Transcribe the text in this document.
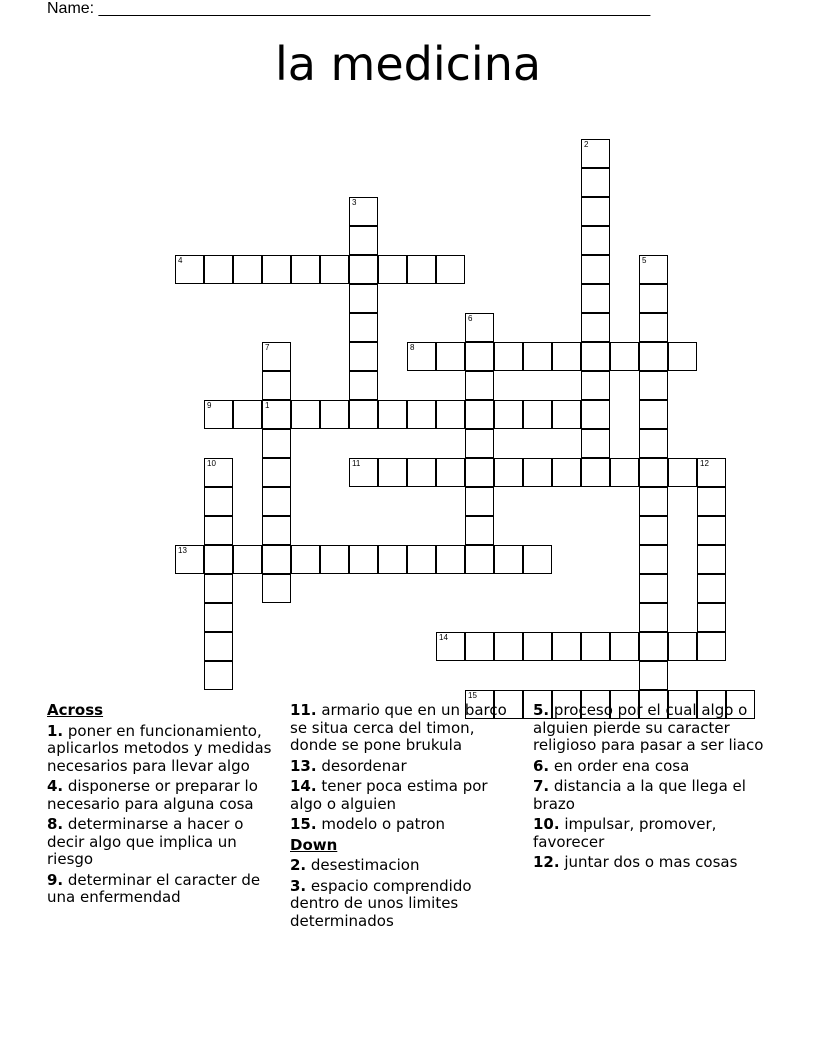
Name: ______________________________________________________________
la medicina
1
2
3
4	5
6
7	8
9
10	11	12
13
14
15
Across
1. poner en funcionamiento, aplicarlos metodos y medidas necesarios para llevar algo
4. disponerse or preparar lo necesario para alguna cosa
8. determinarse a hacer o decir algo que implica un riesgo
9. determinar el caracter de una enfermendad
11. armario que en un barco se situa cerca del timon, donde se pone brukula
13. desordenar
14. tener poca estima por algo o alguien
15. modelo o patron
Down
2. desestimacion
3. espacio comprendido dentro de unos limites determinados
5. proceso por el cual algo o alguien pierde su caracter religioso para pasar a ser liaco
6. en order ena cosa
7. distancia a la que llega el brazo
10. impulsar, promover, favorecer
12. juntar dos o mas cosas
